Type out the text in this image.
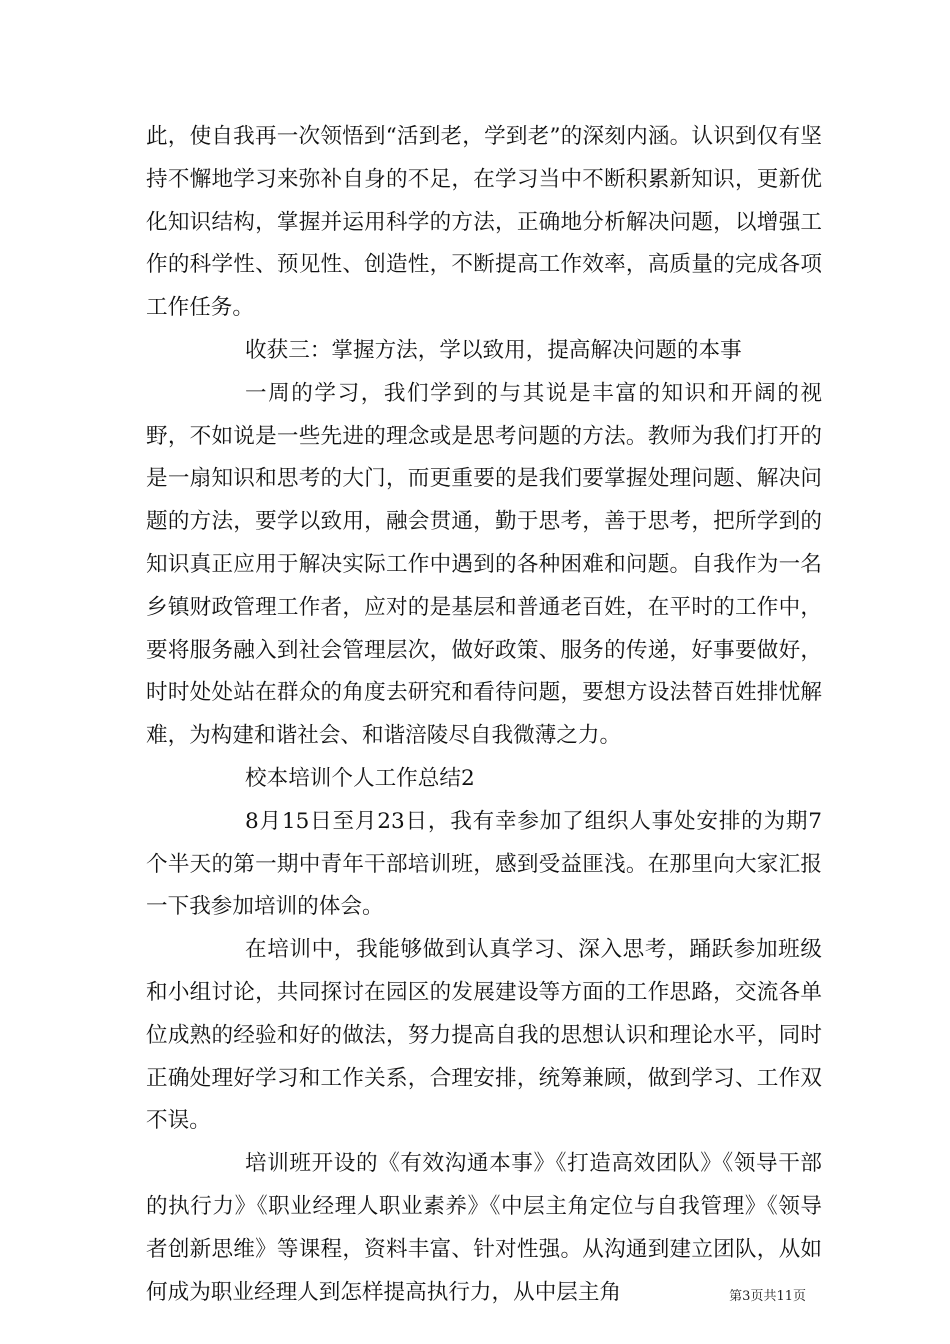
此，使自我再一次领悟到“活到老，学到老”的深刻内涵。认识到仅有坚持不懈地学习来弥补自身的不足，在学习当中不断积累新知识，更新优化知识结构，掌握并运用科学的方法，正确地分析解决问题，以增强工作的科学性、预见性、创造性，不断提高工作效率，高质量的完成各项工作任务。

收获三：掌握方法，学以致用，提高解决问题的本事

一周的学习，我们学到的与其说是丰富的知识和开阔的视野，不如说是一些先进的理念或是思考问题的方法。教师为我们打开的是一扇知识和思考的大门，而更重要的是我们要掌握处理问题、解决问题的方法，要学以致用，融会贯通，勤于思考，善于思考，把所学到的知识真正应用于解决实际工作中遇到的各种困难和问题。自我作为一名乡镇财政管理工作者，应对的是基层和普通老百姓，在平时的工作中，要将服务融入到社会管理层次，做好政策、服务的传递，好事要做好，时时处处站在群众的角度去研究和看待问题，要想方设法替百姓排忧解难，为构建和谐社会、和谐涪陵尽自我微薄之力。

校本培训个人工作总结2

8月15日至月23日，我有幸参加了组织人事处安排的为期7个半天的第一期中青年干部培训班，感到受益匪浅。在那里向大家汇报一下我参加培训的体会。

在培训中，我能够做到认真学习、深入思考，踊跃参加班级和小组讨论，共同探讨在园区的发展建设等方面的工作思路，交流各单位成熟的经验和好的做法，努力提高自我的思想认识和理论水平，同时正确处理好学习和工作关系，合理安排，统筹兼顾，做到学习、工作双不误。

培训班开设的《有效沟通本事》《打造高效团队》《领导干部的执行力》《职业经理人职业素养》《中层主角定位与自我管理》《领导者创新思维》等课程，资料丰富、针对性强。从沟通到建立团队，从如何成为职业经理人到怎样提高执行力，从中层主角	第3页共11页
